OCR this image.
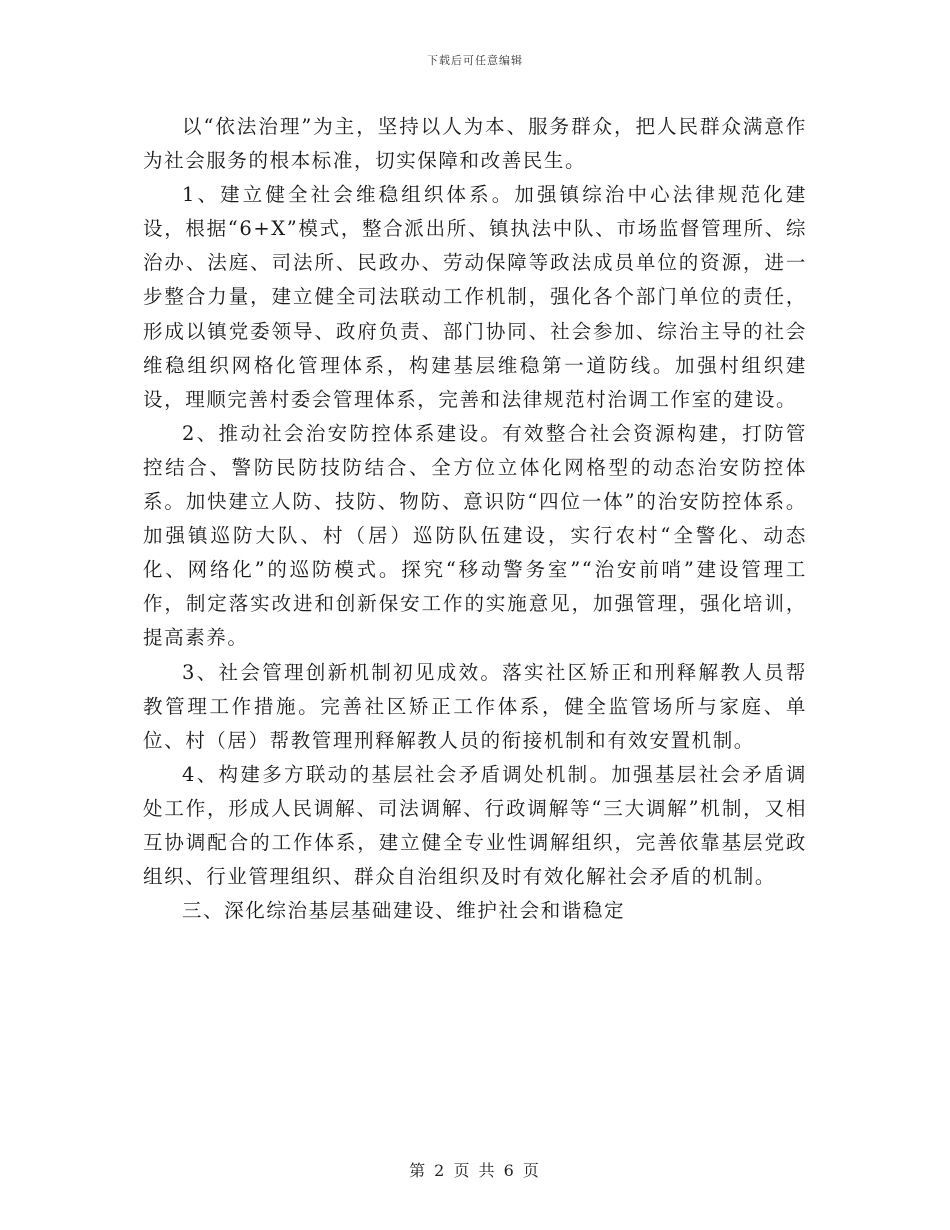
下载后可任意编辑

以“依法治理”为主，坚持以人为本、服务群众，把人民群众满意作为社会服务的根本标准，切实保障和改善民生。

1、建立健全社会维稳组织体系。加强镇综治中心法律规范化建设，根据“6+X”模式，整合派出所、镇执法中队、市场监督管理所、综治办、法庭、司法所、民政办、劳动保障等政法成员单位的资源，进一步整合力量，建立健全司法联动工作机制，强化各个部门单位的责任，形成以镇党委领导、政府负责、部门协同、社会参加、综治主导的社会维稳组织网格化管理体系，构建基层维稳第一道防线。加强村组织建设，理顺完善村委会管理体系，完善和法律规范村治调工作室的建设。

2、推动社会治安防控体系建设。有效整合社会资源构建，打防管控结合、警防民防技防结合、全方位立体化网格型的动态治安防控体系。加快建立人防、技防、物防、意识防“四位一体”的治安防控体系。加强镇巡防大队、村（居）巡防队伍建设，实行农村“全警化、动态化、网络化”的巡防模式。探究“移动警务室”“治安前哨”建设管理工作，制定落实改进和创新保安工作的实施意见，加强管理，强化培训，提高素养。

3、社会管理创新机制初见成效。落实社区矫正和刑释解教人员帮教管理工作措施。完善社区矫正工作体系，健全监管场所与家庭、单位、村（居）帮教管理刑释解教人员的衔接机制和有效安置机制。

4、构建多方联动的基层社会矛盾调处机制。加强基层社会矛盾调处工作，形成人民调解、司法调解、行政调解等“三大调解”机制，又相互协调配合的工作体系，建立健全专业性调解组织，完善依靠基层党政组织、行业管理组织、群众自治组织及时有效化解社会矛盾的机制。

三、深化综治基层基础建设、维护社会和谐稳定

第 2 页 共 6 页
